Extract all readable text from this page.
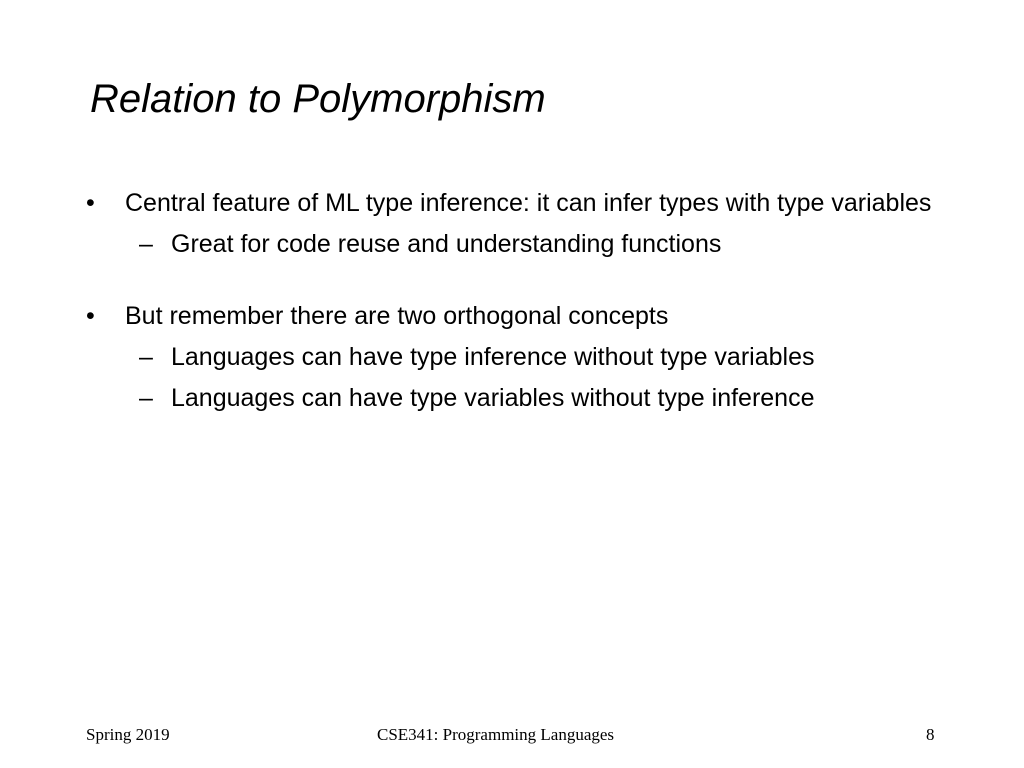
Relation to Polymorphism
• Central feature of ML type inference: it can infer types with type variables
– Great for code reuse and understanding functions
• But remember there are two orthogonal concepts
– Languages can have type inference without type variables
– Languages can have type variables without type inference
Spring 2019	CSE341: Programming Languages	8
